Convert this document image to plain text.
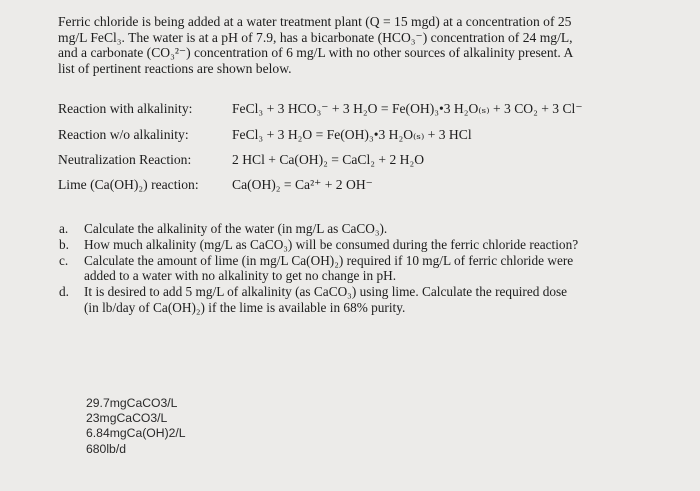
Ferric chloride is being added at a water treatment plant (Q = 15 mgd) at a concentration of 25
mg/L FeCl₃. The water is at a pH of 7.9, has a bicarbonate (HCO₃⁻) concentration of 24 mg/L,
and a carbonate (CO₃²⁻) concentration of 6 mg/L with no other sources of alkalinity present. A
list of pertinent reactions are shown below.
Reaction with alkalinity:	FeCl₃ + 3 HCO₃⁻ + 3 H₂O = Fe(OH)₃•3 H₂O₍ₛ₎ + 3 CO₂ + 3 Cl⁻
Reaction w/o alkalinity:	FeCl₃ + 3 H₂O = Fe(OH)₃•3 H₂O₍ₛ₎ + 3 HCl
Neutralization Reaction:	2 HCl + Ca(OH)₂ = CaCl₂ + 2 H₂O
Lime (Ca(OH)₂) reaction: Ca(OH)₂ = Ca²⁺ + 2 OH⁻
a. Calculate the alkalinity of the water (in mg/L as CaCO₃).
b. How much alkalinity (mg/L as CaCO₃) will be consumed during the ferric chloride reaction?
c. Calculate the amount of lime (in mg/L Ca(OH)₂) required if 10 mg/L of ferric chloride were
added to a water with no alkalinity to get no change in pH.
d. It is desired to add 5 mg/L of alkalinity (as CaCO₃) using lime. Calculate the required dose
(in lb/day of Ca(OH)₂) if the lime is available in 68% purity.
29.7mgCaCO3/L
23mgCaCO3/L
6.84mgCa(OH)2/L
680lb/d
